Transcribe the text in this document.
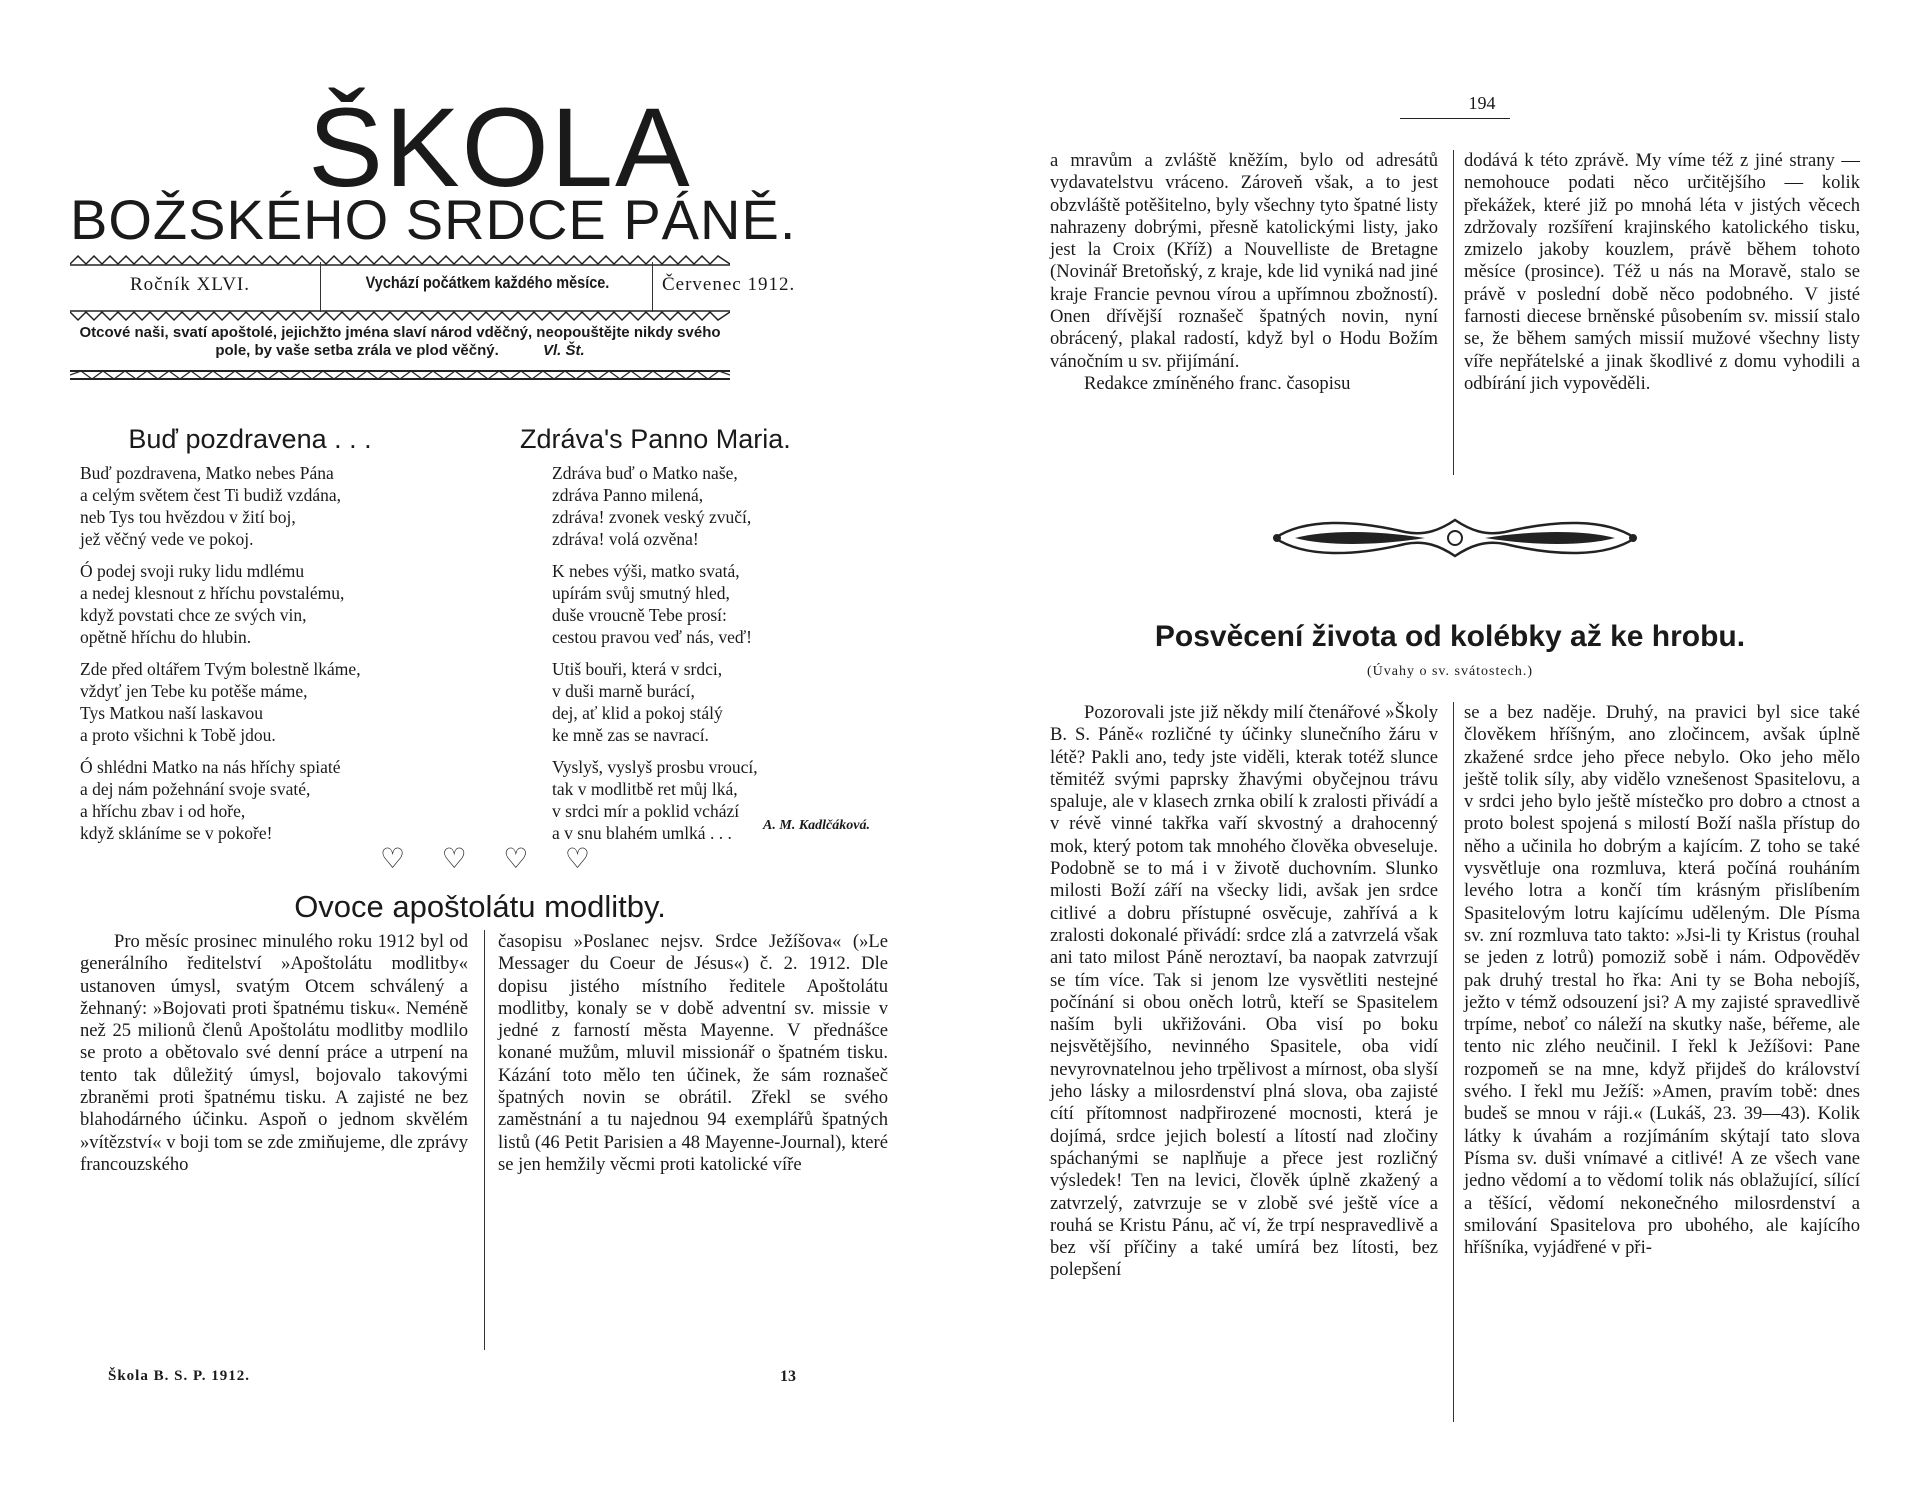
ŠKOLA
BOŽSKÉHO SRDCE PÁNĚ.
Ročník XLVI.	Vychází počátkem každého měsíce.	Červenec 1912.
Otcové naši, svatí apoštolé, jejichžto jména slaví národ vděčný, neopouštějte nikdy svého pole, by vaše setba zrála ve plod věčný.	Vl. Št.
Buď pozdravena . . .
Buď pozdravena, Matko nebes Pána
a celým světem čest Ti budiž vzdána,
neb Tys tou hvězdou v žití boj,
jež věčný vede ve pokoj.
Ó podej svoji ruky lidu mdlému
a nedej klesnout z hříchu povstalému,
když povstati chce ze svých vin,
opětně hříchu do hlubin.
Zde před oltářem Tvým bolestně lkáme,
vždyť jen Tebe ku potěše máme,
Tys Matkou naší laskavou
a proto všichni k Tobě jdou.
Ó shlédni Matko na nás hříchy spiaté
a dej nám požehnání svoje svaté,
a hříchu zbav i od hoře,
když skláníme se v pokoře!
Zdráva's Panno Maria.
Zdráva buď o Matko naše,
zdráva Panno milená,
zdráva! zvonek veský zvučí,
zdráva! volá ozvěna!
K nebes výši, matko svatá,
upírám svůj smutný hled,
duše vroucně Tebe prosí:
cestou pravou veď nás, veď!
Utiš bouři, která v srdci,
v duši marně burácí,
dej, ať klid a pokoj stálý
ke mně zas se navrací.
Vyslyš, vyslyš prosbu vroucí,
tak v modlitbě ret můj lká,
v srdci mír a poklid vchází
a v snu blahém umlká . . .	A. M. Kadlčáková.
♡ ♡ ♡ ♡
Ovoce apoštolátu modlitby.

Pro měsíc prosinec minulého roku 1912 byl od generálního ředitelství »Apoštolátu modlitby« ustanoven úmysl, svatým Otcem schválený a žehnaný: »Bojovati proti špatnému tisku«. Neméně než 25 milionů členů Apoštolátu modlitby modlilo se proto a obětovalo své denní práce a utrpení na tento tak důležitý úmysl, bojovalo takovými zbraněmi proti špatnému tisku. A zajisté ne bez blahodárného účinku. Aspoň o jednom skvělém »vítězství« v boji tom se zde zmiňujeme, dle zprávy francouzského

časopisu »Poslanec nejsv. Srdce Ježíšova« (»Le Messager du Coeur de Jésus«) č. 2. 1912. Dle dopisu jistého místního ředitele Apoštolátu modlitby, konaly se v době adventní sv. missie v jedné z farností města Mayenne. V přednášce konané mužům, mluvil missionář o špatném tisku. Kázání toto mělo ten účinek, že sám roznašeč špatných novin se obrátil. Zřekl se svého zaměstnání a tu najednou 94 exemplářů špatných listů (46 Petit Parisien a 48 Mayenne-Journal), které se jen hemžily věcmi proti katolické víře

Škola B. S. P. 1912.	13
194

a mravům a zvláště kněžím, bylo od adresátů vydavatelstvu vráceno. Zároveň však, a to jest obzvláště potěšitelno, byly všechny tyto špatné listy nahrazeny dobrými, přesně katolickými listy, jako jest la Croix (Kříž) a Nouvelliste de Bretagne (Novinář Bretoňský, z kraje, kde lid vyniká nad jiné kraje Francie pevnou vírou a upřímnou zbožností). Onen dřívější roznašeč špatných novin, nyní obrácený, plakal radostí, když byl o Hodu Božím vánočním u sv. přijímání.

Redakce zmíněného franc. časopisu

dodává k této zprávě. My víme též z jiné strany — nemohouce podati něco určitějšího — kolik překážek, které již po mnohá léta v jistých věcech zdržovaly rozšíření krajinského katolického tisku, zmizelo jakoby kouzlem, právě během tohoto měsíce (prosince). Též u nás na Moravě, stalo se právě v poslední době něco podobného. V jisté farnosti diecese brněnské působením sv. missií stalo se, že během samých missií mužové všechny listy víře nepřátelské a jinak škodlivé z domu vyhodili a odbírání jich vypověděli.

Posvěcení života od kolébky až ke hrobu.
(Úvahy o sv. svátostech.)

Pozorovali jste již někdy milí čtenářové »Školy B. S. Páně« rozličné ty účinky slunečního žáru v létě? Pakli ano, tedy jste viděli, kterak totéž slunce těmitéž svými paprsky žhavými obyčejnou trávu spaluje, ale v klasech zrnka obilí k zralosti přivádí a v révě vinné takřka vaří skvostný a drahocenný mok, který potom tak mnohého člověka obveseluje. Podobně se to má i v životě duchovním. Slunko milosti Boží září na všecky lidi, avšak jen srdce citlivé a dobru přístupné osvěcuje, zahřívá a k zralosti dokonalé přivádí: srdce zlá a zatvrzelá však ani tato milost Páně neroztaví, ba naopak zatvrzují se tím více. Tak si jenom lze vysvětliti nestejné počínání si obou oněch lotrů, kteří se Spasitelem naším byli ukřižováni. Oba visí po boku nejsvětějšího, nevinného Spasitele, oba vidí nevyrovnatelnou jeho trpělivost a mírnost, oba slyší jeho lásky a milosrdenství plná slova, oba zajisté cítí přítomnost nadpřirozené mocnosti, která je dojímá, srdce jejich bolestí a lítostí nad zločiny spáchanými se naplňuje a přece jest rozličný výsledek! Ten na levici, člověk úplně zkažený a zatvrzelý, zatvrzuje se v zlobě své ještě více a rouhá se Kristu Pánu, ač ví, že trpí nespravedlivě a bez vší příčiny a také umírá bez lítosti, bez polepšení

se a bez naděje. Druhý, na pravici byl sice také člověkem hříšným, ano zločincem, avšak úplně zkažené srdce jeho přece nebylo. Oko jeho mělo ještě tolik síly, aby vidělo vznešenost Spasitelovu, a v srdci jeho bylo ještě místečko pro dobro a ctnost a proto bolest spojená s milostí Boží našla přístup do něho a učinila ho dobrým a kajícím. Z toho se také vysvětluje ona rozmluva, která počíná rouháním levého lotra a končí tím krásným přislíbením Spasitelovým lotru kajícímu uděleným. Dle Písma sv. zní rozmluva tato takto: »Jsi-li ty Kristus (rouhal se jeden z lotrů) pomoziž sobě i nám. Odpověděv pak druhý trestal ho řka: Ani ty se Boha nebojíš, ježto v témž odsouzení jsi? A my zajisté spravedlivě trpíme, neboť co náleží na skutky naše, béřeme, ale tento nic zlého neučinil. I řekl k Ježíšovi: Pane rozpomeň se na mne, když přijdeš do království svého. I řekl mu Ježíš: »Amen, pravím tobě: dnes budeš se mnou v ráji.« (Lukáš, 23. 39—43). Kolik látky k úvahám a rozjímáním skýtají tato slova Písma sv. duši vnímavé a citlivé! A ze všech vane jedno vědomí a to vědomí tolik nás oblažující, sílící a těšící, vědomí nekonečného milosrdenství a smilování Spasitelova pro ubohého, ale kajícího hříšníka, vyjádřené v při-
